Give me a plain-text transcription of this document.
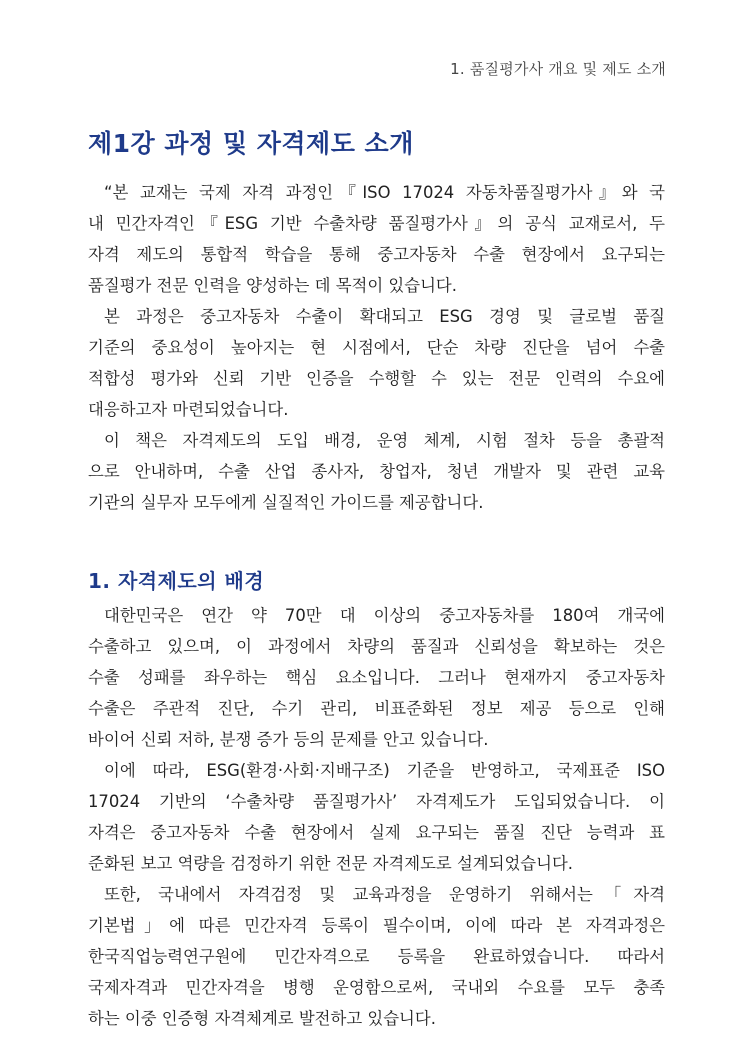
1. 품질평가사 개요 및 제도 소개
제1강 과정 및 자격제도 소개
“본 교재는 국제 자격 과정인『ISO 17024 자동차품질평가사』와 국
내 민간자격인『ESG 기반 수출차량 품질평가사』의 공식 교재로서, 두
자격 제도의 통합적 학습을 통해 중고자동차 수출 현장에서 요구되는
품질평가 전문 인력을 양성하는 데 목적이 있습니다.
본 과정은 중고자동차 수출이 확대되고 ESG 경영 및 글로벌 품질
기준의 중요성이 높아지는 현 시점에서, 단순 차량 진단을 넘어 수출
적합성 평가와 신뢰 기반 인증을 수행할 수 있는 전문 인력의 수요에
대응하고자 마련되었습니다.
이 책은 자격제도의 도입 배경, 운영 체계, 시험 절차 등을 총괄적
으로 안내하며, 수출 산업 종사자, 창업자, 청년 개발자 및 관련 교육
기관의 실무자 모두에게 실질적인 가이드를 제공합니다.
1. 자격제도의 배경
대한민국은 연간 약 70만 대 이상의 중고자동차를 180여 개국에
수출하고 있으며, 이 과정에서 차량의 품질과 신뢰성을 확보하는 것은
수출 성패를 좌우하는 핵심 요소입니다. 그러나 현재까지 중고자동차
수출은 주관적 진단, 수기 관리, 비표준화된 정보 제공 등으로 인해
바이어 신뢰 저하, 분쟁 증가 등의 문제를 안고 있습니다.
이에 따라, ESG(환경·사회·지배구조) 기준을 반영하고, 국제표준 ISO
17024 기반의 ‘수출차량 품질평가사’ 자격제도가 도입되었습니다. 이
자격은 중고자동차 수출 현장에서 실제 요구되는 품질 진단 능력과 표
준화된 보고 역량을 검정하기 위한 전문 자격제도로 설계되었습니다.
또한, 국내에서 자격검정 및 교육과정을 운영하기 위해서는「자격
기본법」에 따른 민간자격 등록이 필수이며, 이에 따라 본 자격과정은
한국직업능력연구원에 민간자격으로 등록을 완료하였습니다. 따라서
국제자격과 민간자격을 병행 운영함으로써, 국내외 수요를 모두 충족
하는 이중 인증형 자격체계로 발전하고 있습니다.
